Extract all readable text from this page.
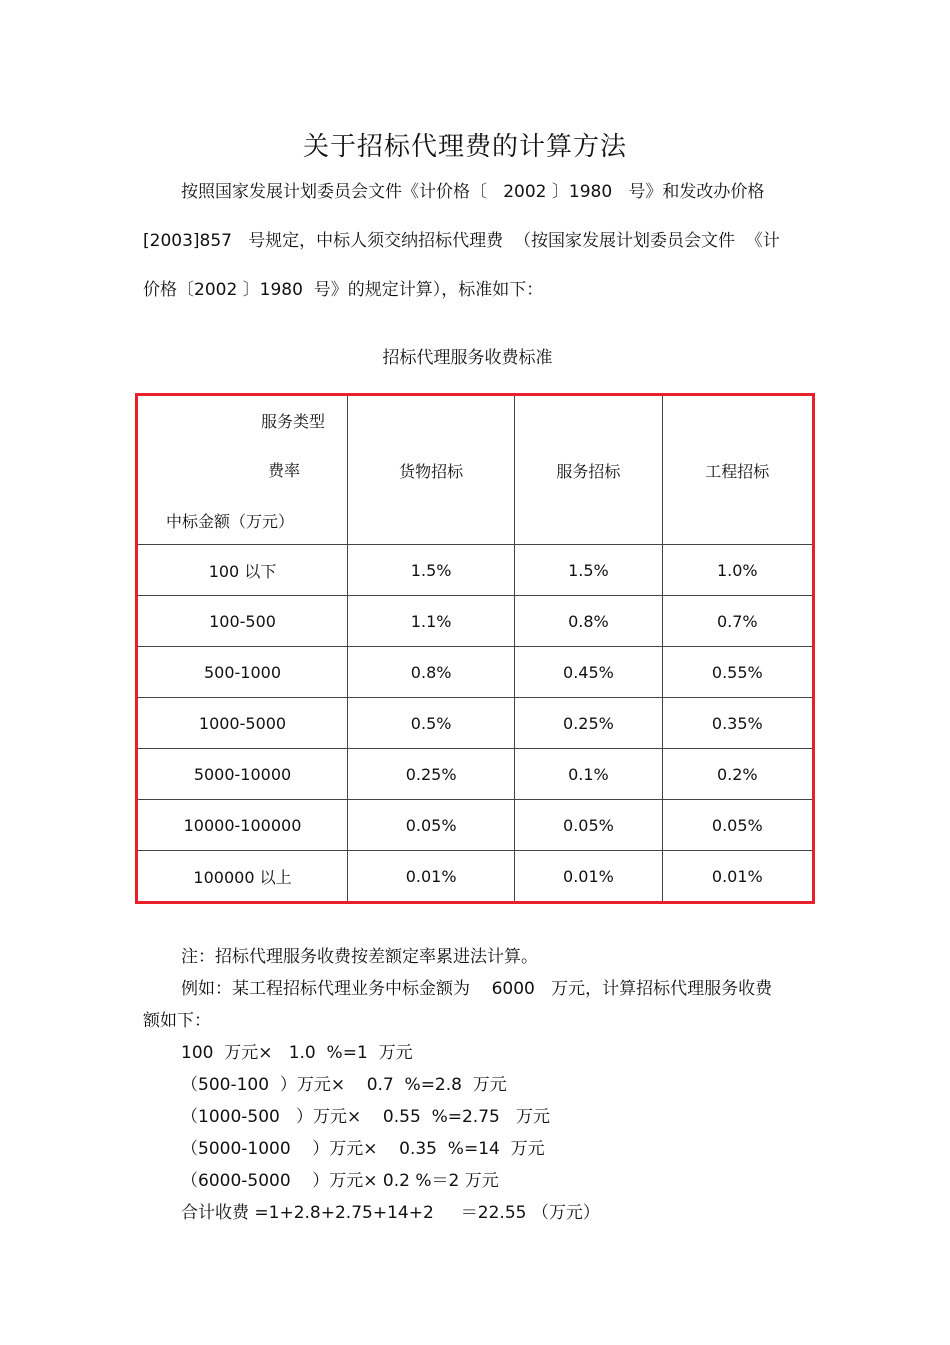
关于招标代理费的计算方法

按照国家发展计划委员会文件《计价格〔   2002 〕1980   号》和发改办价格

[2003]857   号规定，中标人须交纳招标代理费  （按国家发展计划委员会文件  《计

价格〔2002 〕1980  号》的规定计算），标准如下：

招标代理服务收费标准
服务类型
费率
中标金额（万元）	货物招标	服务招标	工程招标
100 以下	1.5%	1.5%	1.0%
100-500	1.1%	0.8%	0.7%
500-1000	0.8%	0.45%	0.55%
1000-5000	0.5%	0.25%	0.35%
5000-10000	0.25%	0.1%	0.2%
10000-100000	0.05%	0.05%	0.05%
100000 以上	0.01%	0.01%	0.01%

注：招标代理服务收费按差额定率累进法计算。

例如：某工程招标代理业务中标金额为    6000   万元，计算招标代理服务收费

额如下：

100  万元×   1.0  %=1  万元

（500-100  ）万元×    0.7  %=2.8  万元

（1000-500   ）万元×    0.55  %=2.75   万元

（5000-1000    ）万元×    0.35  %=14  万元

（6000-5000    ）万元× 0.2 %＝2 万元

合计收费 =1+2.8+2.75+14+2     ＝22.55 （万元）
